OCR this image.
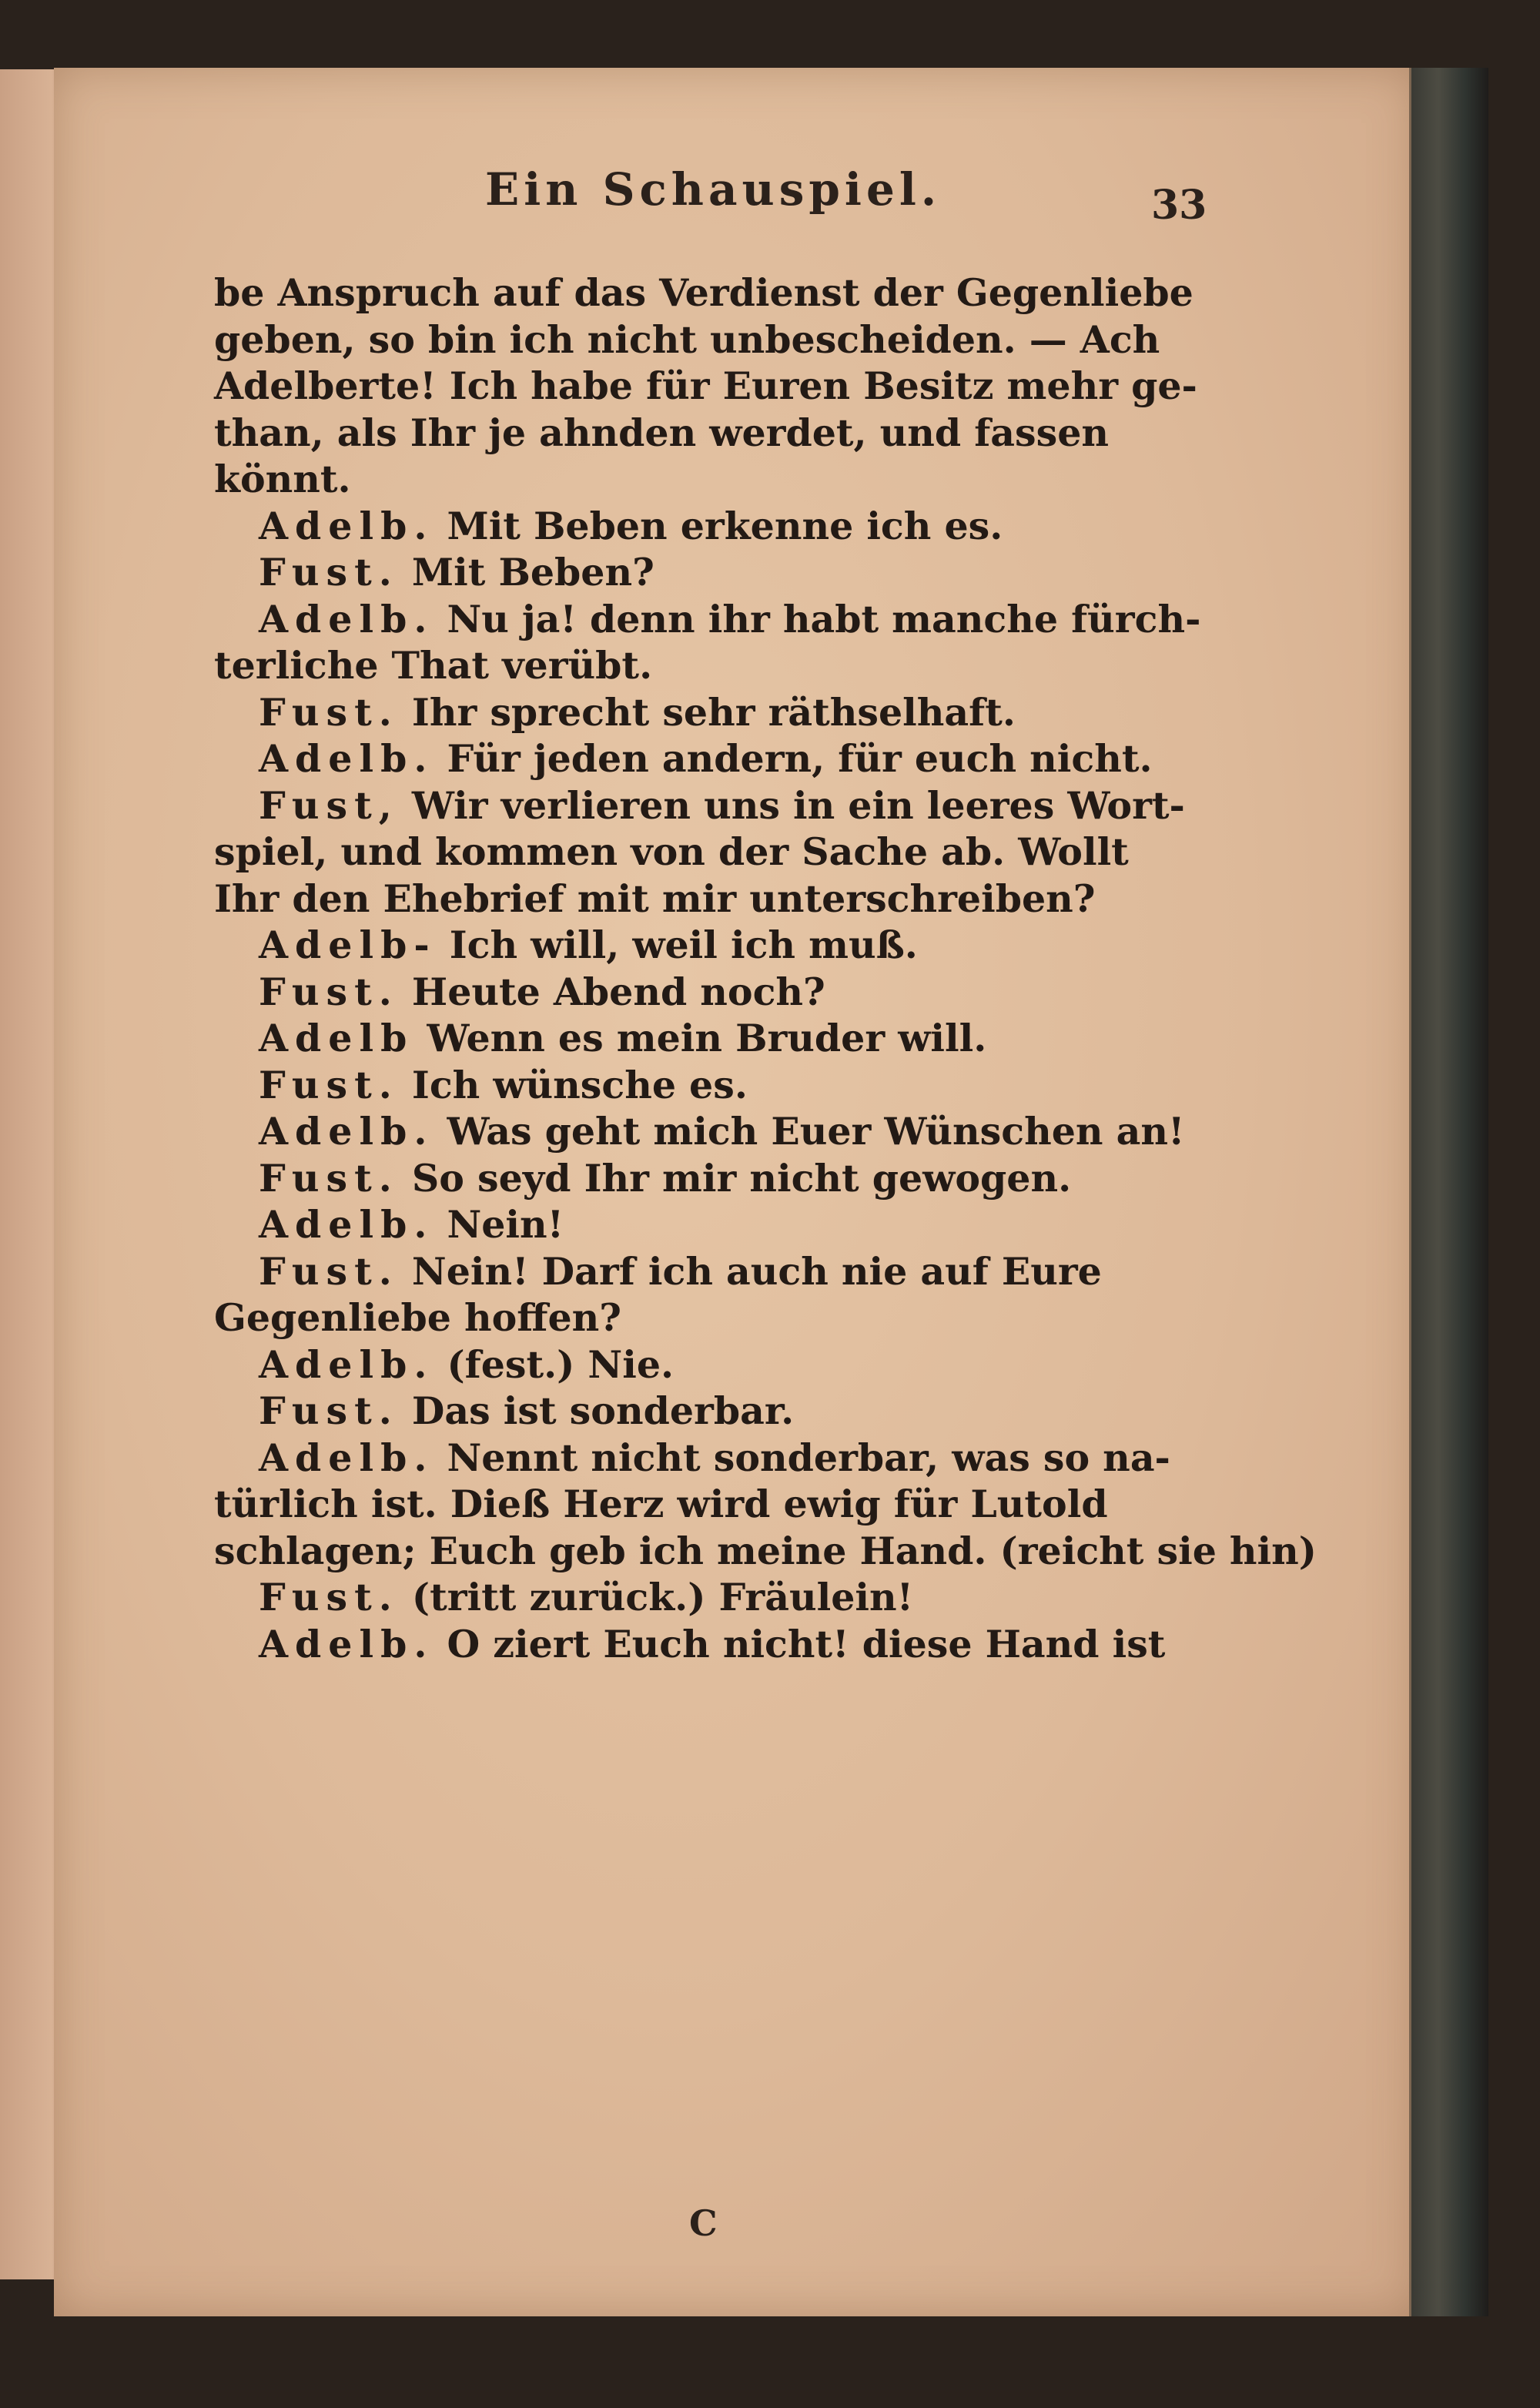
Ein Schauspiel.	33
be Anspruch auf das Verdienst der Gegenliebe
geben, so bin ich nicht unbescheiden. — Ach
Adelberte! Ich habe für Euren Besitz mehr ge-
than, als Ihr je ahnden werdet, und fassen
könnt.
Adelb. Mit Beben erkenne ich es.
Fust. Mit Beben?
Adelb. Nu ja! denn ihr habt manche fürch-
terliche That verübt.
Fust. Ihr sprecht sehr räthselhaft.
Adelb. Für jeden andern, für euch nicht.
Fust, Wir verlieren uns in ein leeres Wort-
spiel, und kommen von der Sache ab. Wollt
Ihr den Ehebrief mit mir unterschreiben?
Adelb- Ich will, weil ich muß.
Fust. Heute Abend noch?
Adelb Wenn es mein Bruder will.
Fust. Ich wünsche es.
Adelb. Was geht mich Euer Wünschen an!
Fust. So seyd Ihr mir nicht gewogen.
Adelb. Nein!
Fust. Nein! Darf ich auch nie auf Eure
Gegenliebe hoffen?
Adelb. (fest.) Nie.
Fust. Das ist sonderbar.
Adelb. Nennt nicht sonderbar, was so na-
türlich ist. Dieß Herz wird ewig für Lutold
schlagen; Euch geb ich meine Hand. (reicht sie hin)
Fust. (tritt zurück.) Fräulein!
Adelb. O ziert Euch nicht! diese Hand ist
C
